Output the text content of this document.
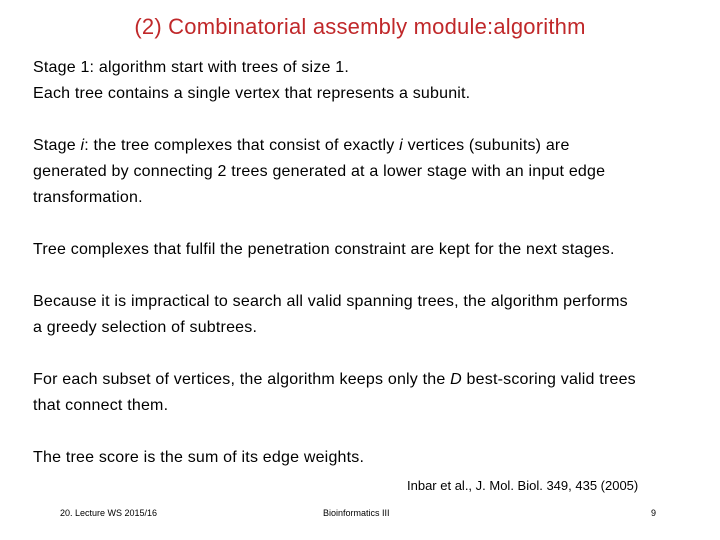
(2) Combinatorial assembly module:algorithm

Stage 1: algorithm start with trees of size 1.
Each tree contains a single vertex that represents a subunit.

Stage i: the tree complexes that consist of exactly i vertices (subunits) are
generated by connecting 2 trees generated at a lower stage with an input edge
transformation.

Tree complexes that fulfil the penetration constraint are kept for the next stages.

Because it is impractical to search all valid spanning trees, the algorithm performs
a greedy selection of subtrees.

For each subset of vertices, the algorithm keeps only the D best-scoring valid trees
that connect them.

The tree score is the sum of its edge weights.

Inbar et al., J. Mol. Biol. 349, 435 (2005)
20. Lecture WS 2015/16	Bioinformatics III	9
